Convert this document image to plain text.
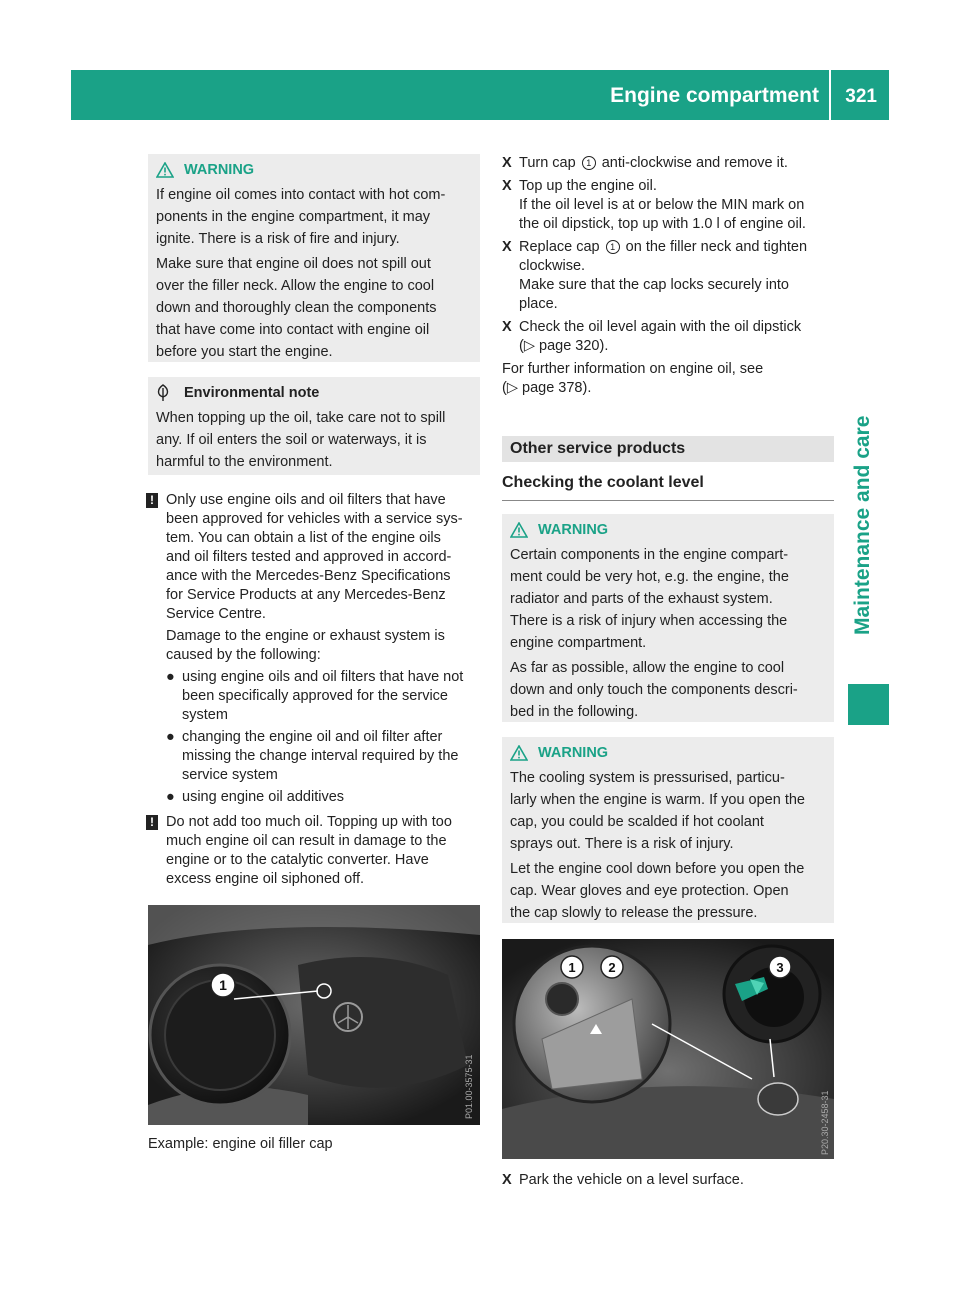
Engine compartment 321
Maintenance and care
WARNING
If engine oil comes into contact with hot com-
ponents in the engine compartment, it may
ignite. There is a risk of fire and injury.
Make sure that engine oil does not spill out
over the filler neck. Allow the engine to cool
down and thoroughly clean the components
that have come into contact with engine oil
before you start the engine.
Environmental note
When topping up the oil, take care not to spill
any. If oil enters the soil or waterways, it is
harmful to the environment.
! Only use engine oils and oil filters that have
been approved for vehicles with a service sys-
tem. You can obtain a list of the engine oils
and oil filters tested and approved in accord-
ance with the Mercedes-Benz Specifications
for Service Products at any Mercedes-Benz
Service Centre.
Damage to the engine or exhaust system is
caused by the following:
● using engine oils and oil filters that have not
been specifically approved for the service
system
● changing the engine oil and oil filter after
missing the change interval required by the
service system
● using engine oil additives
! Do not add too much oil. Topping up with too
much engine oil can result in damage to the
engine or to the catalytic converter. Have
excess engine oil siphoned off.
1
P01.00-3575-31
Example: engine oil filler cap
X Turn cap 1 anti-clockwise and remove it.
X Top up the engine oil.
If the oil level is at or below the MIN mark on
the oil dipstick, top up with 1.0 l of engine oil.
X Replace cap 1 on the filler neck and tighten
clockwise.
Make sure that the cap locks securely into
place.
X Check the oil level again with the oil dipstick
(▷ page 320).
For further information on engine oil, see
(▷ page 378).
Other service products
Checking the coolant level
WARNING
Certain components in the engine compart-
ment could be very hot, e.g. the engine, the
radiator and parts of the exhaust system.
There is a risk of injury when accessing the
engine compartment.
As far as possible, allow the engine to cool
down and only touch the components descri-
bed in the following.
WARNING
The cooling system is pressurised, particu-
larly when the engine is warm. If you open the
cap, you could be scalded if hot coolant
sprays out. There is a risk of injury.
Let the engine cool down before you open the
cap. Wear gloves and eye protection. Open
the cap slowly to release the pressure.
1	2	3
P20.30-2458-31
X Park the vehicle on a level surface.
